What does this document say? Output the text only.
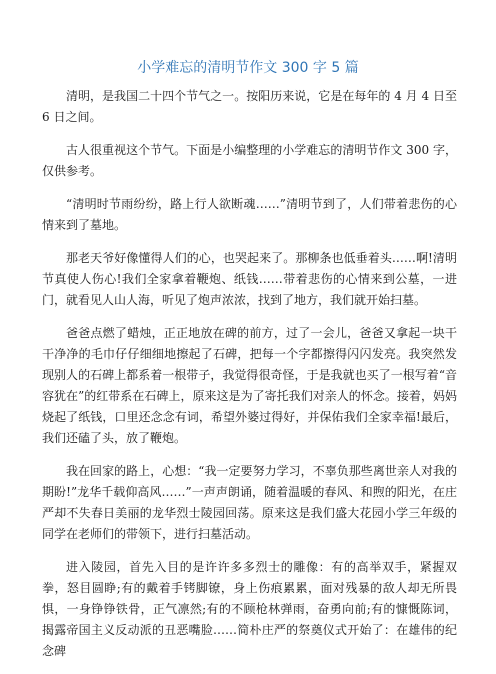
小学难忘的清明节作文 300 字 5 篇

清明，是我国二十四个节气之一。按阳历来说，它是在每年的 4 月 4 日至 6 日之间。

古人很重视这个节气。下面是小编整理的小学难忘的清明节作文 300 字，仅供参考。

“清明时节雨纷纷，路上行人欲断魂……”清明节到了，人们带着悲伤的心情来到了墓地。

那老天爷好像懂得人们的心，也哭起来了。那柳条也低垂着头……啊!清明节真使人伤心!我们全家拿着鞭炮、纸钱……带着悲伤的心情来到公墓，一进门，就看见人山人海，听见了炮声浓浓，找到了地方，我们就开始扫墓。

爸爸点燃了蜡烛，正正地放在碑的前方，过了一会儿，爸爸又拿起一块干干净净的毛巾仔仔细细地擦起了石碑，把每一个字都擦得闪闪发亮。我突然发现别人的石碑上都系着一根带子，我觉得很奇怪，于是我就也买了一根写着“音容犹在”的红带系在石碑上，原来这是为了寄托我们对亲人的怀念。接着，妈妈烧起了纸钱，口里还念念有词，希望外婆过得好，并保佑我们全家幸福!最后，我们还磕了头，放了鞭炮。

我在回家的路上，心想：“我一定要努力学习，不辜负那些离世亲人对我的期盼!”龙华千载仰高风……”一声声朗诵，随着温暖的春风、和煦的阳光，在庄严却不失春日美丽的龙华烈士陵园回荡。原来这是我们盛大花园小学三年级的同学在老师们的带领下，进行扫墓活动。

进入陵园，首先入目的是许许多多烈士的雕像：有的高举双手，紧握双拳，怒目圆睁;有的戴着手铐脚镣，身上伤痕累累，面对残暴的敌人却无所畏惧，一身铮铮铁骨，正气凛然;有的不顾枪林弹雨，奋勇向前;有的慷慨陈词，揭露帝国主义反动派的丑恶嘴脸……简朴庄严的祭奠仪式开始了：在雄伟的纪念碑
